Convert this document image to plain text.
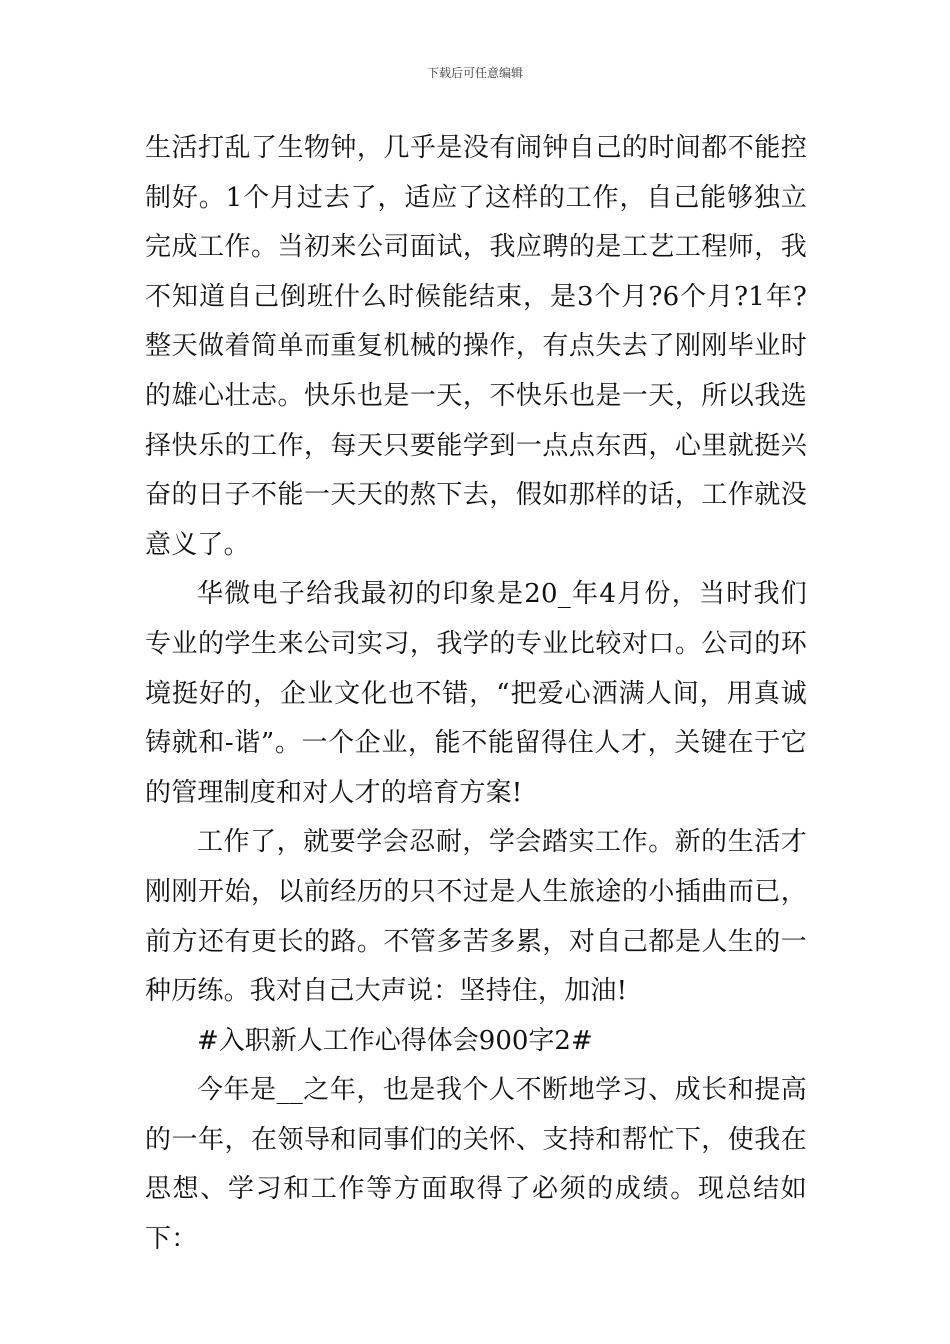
下载后可任意编辑

生活打乱了生物钟，几乎是没有闹钟自己的时间都不能控制好。1个月过去了，适应了这样的工作，自己能够独立完成工作。当初来公司面试，我应聘的是工艺工程师，我不知道自己倒班什么时候能结束，是3个月?6个月?1年?整天做着简单而重复机械的操作，有点失去了刚刚毕业时的雄心壮志。快乐也是一天，不快乐也是一天，所以我选择快乐的工作，每天只要能学到一点点东西，心里就挺兴奋的日子不能一天天的熬下去，假如那样的话，工作就没意义了。

华微电子给我最初的印象是20_年4月份，当时我们专业的学生来公司实习，我学的专业比较对口。公司的环境挺好的，企业文化也不错，“把爱心洒满人间，用真诚铸就和-谐”。一个企业，能不能留得住人才，关键在于它的管理制度和对人才的培育方案!

工作了，就要学会忍耐，学会踏实工作。新的生活才刚刚开始，以前经历的只不过是人生旅途的小插曲而已，前方还有更长的路。不管多苦多累，对自己都是人生的一种历练。我对自己大声说：坚持住，加油!

#入职新人工作心得体会900字2#

今年是__之年，也是我个人不断地学习、成长和提高的一年，在领导和同事们的关怀、支持和帮忙下，使我在思想、学习和工作等方面取得了必须的成绩。现总结如下：
